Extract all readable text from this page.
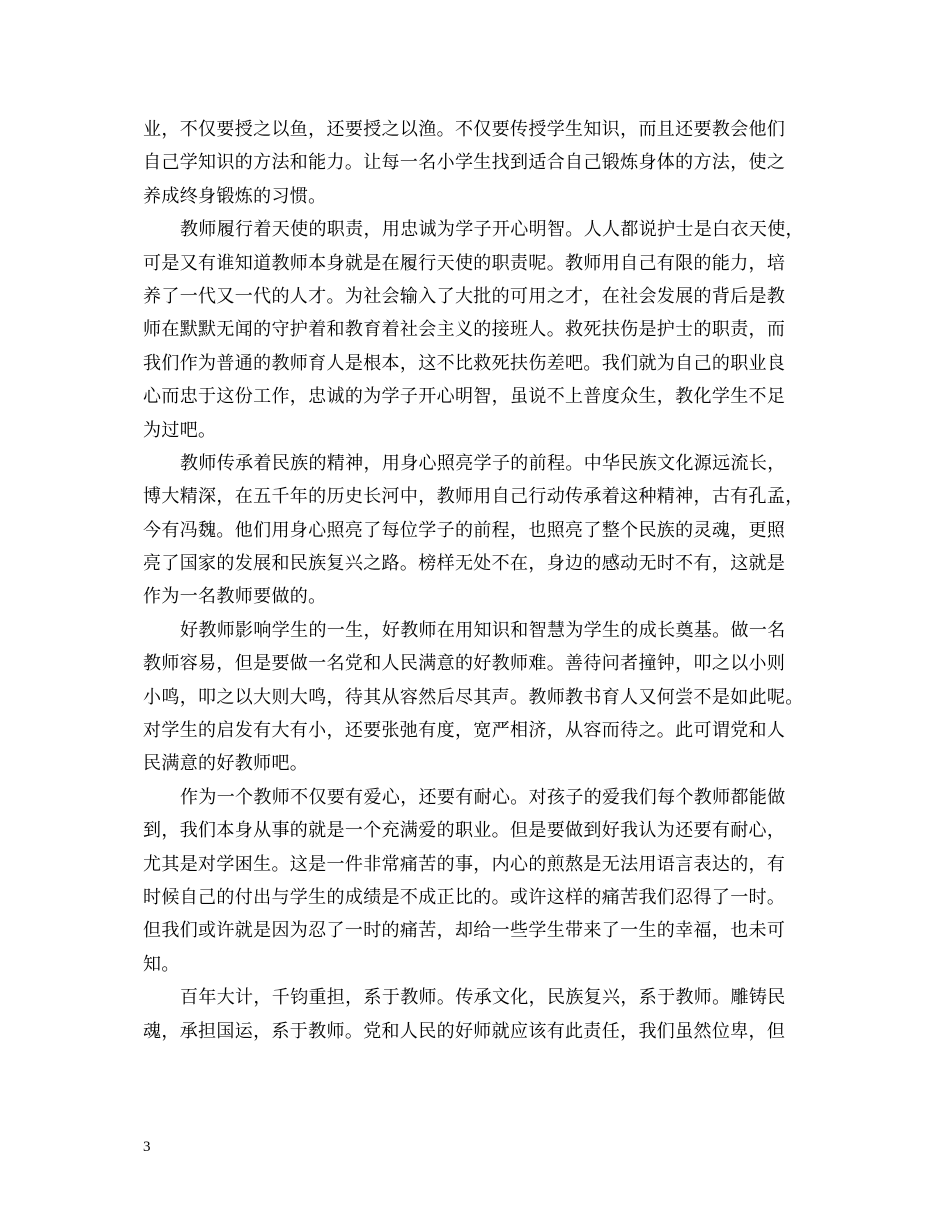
业，不仅要授之以鱼，还要授之以渔。不仅要传授学生知识，而且还要教会他们
自己学知识的方法和能力。让每一名小学生找到适合自己锻炼身体的方法，使之
养成终身锻炼的习惯。
教师履行着天使的职责，用忠诚为学子开心明智。人人都说护士是白衣天使，
可是又有谁知道教师本身就是在履行天使的职责呢。教师用自己有限的能力，培
养了一代又一代的人才。为社会输入了大批的可用之才，在社会发展的背后是教
师在默默无闻的守护着和教育着社会主义的接班人。救死扶伤是护士的职责，而
我们作为普通的教师育人是根本，这不比救死扶伤差吧。我们就为自己的职业良
心而忠于这份工作，忠诚的为学子开心明智，虽说不上普度众生，教化学生不足
为过吧。
教师传承着民族的精神，用身心照亮学子的前程。中华民族文化源远流长，
博大精深，在五千年的历史长河中，教师用自己行动传承着这种精神，古有孔孟，
今有冯魏。他们用身心照亮了每位学子的前程，也照亮了整个民族的灵魂，更照
亮了国家的发展和民族复兴之路。榜样无处不在，身边的感动无时不有，这就是
作为一名教师要做的。
好教师影响学生的一生，好教师在用知识和智慧为学生的成长奠基。做一名
教师容易，但是要做一名党和人民满意的好教师难。善待问者撞钟，叩之以小则
小鸣，叩之以大则大鸣，待其从容然后尽其声。教师教书育人又何尝不是如此呢。
对学生的启发有大有小，还要张弛有度，宽严相济，从容而待之。此可谓党和人
民满意的好教师吧。
作为一个教师不仅要有爱心，还要有耐心。对孩子的爱我们每个教师都能做
到，我们本身从事的就是一个充满爱的职业。但是要做到好我认为还要有耐心，
尤其是对学困生。这是一件非常痛苦的事，内心的煎熬是无法用语言表达的，有
时候自己的付出与学生的成绩是不成正比的。或许这样的痛苦我们忍得了一时。
但我们或许就是因为忍了一时的痛苦，却给一些学生带来了一生的幸福，也未可
知。
百年大计，千钧重担，系于教师。传承文化，民族复兴，系于教师。雕铸民
魂，承担国运，系于教师。党和人民的好师就应该有此责任，我们虽然位卑，但
3
